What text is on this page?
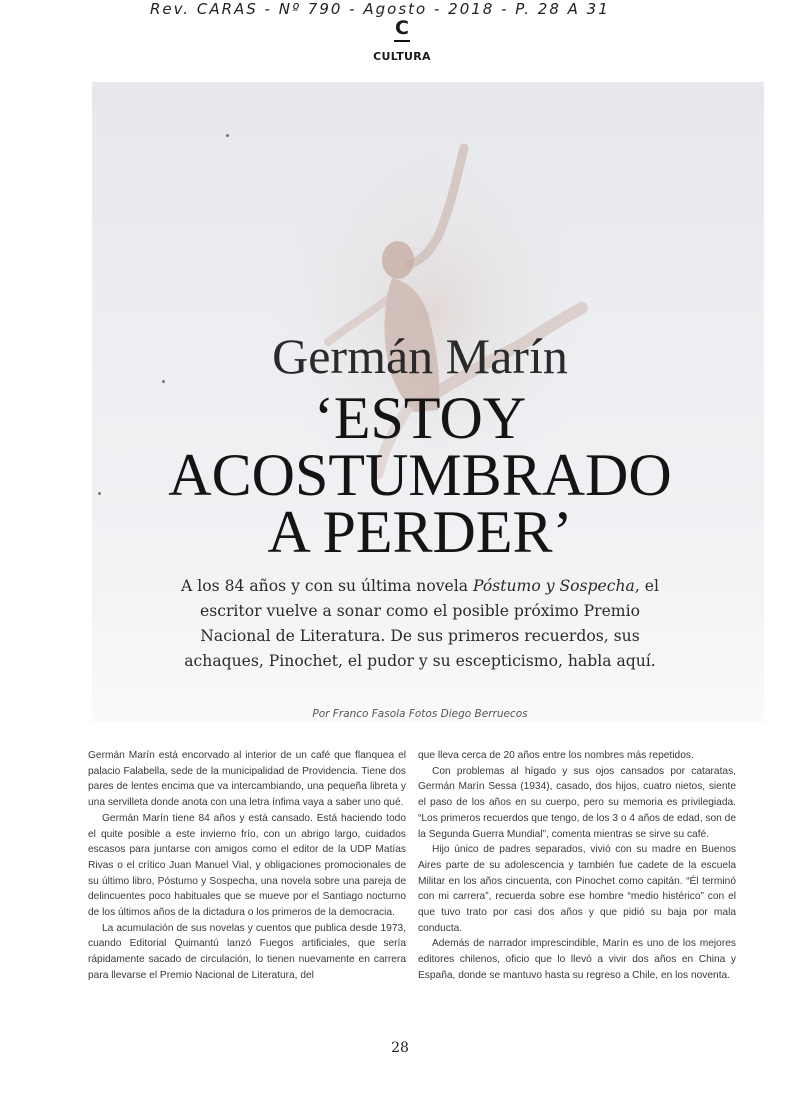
Rev. CARAS - Nº 790 - Agosto - 2018 - P. 28 A 31
C
CULTURA
Germán Marín
‘ESTOY
ACOSTUMBRADO
A PERDER’
A los 84 años y con su última novela Póstumo y Sospecha, el escritor vuelve a sonar como el posible próximo Premio Nacional de Literatura. De sus primeros recuerdos, sus achaques, Pinochet, el pudor y su escepticismo, habla aquí.
Por Franco Fasola Fotos Diego Berruecos

Germán Marín está encorvado al interior de un café que flanquea el palacio Falabella, sede de la municipalidad de Providencia. Tiene dos pares de lentes encima que va intercambiando, una pequeña libreta y una servilleta donde anota con una letra ínfima vaya a saber uno qué.

Germán Marín tiene 84 años y está cansado. Está haciendo todo el quite posible a este invierno frío, con un abrigo largo, cuidados escasos para juntarse con amigos como el editor de la UDP Matías Rivas o el crítico Juan Manuel Vial, y obligaciones promocionales de su último libro, Póstumo y Sospecha, una novela sobre una pareja de delincuentes poco habituales que se mueve por el Santiago nocturno de los últimos años de la dictadura o los primeros de la democracia.

La acumulación de sus novelas y cuentos que publica desde 1973, cuando Editorial Quimantú lanzó Fuegos artificiales, que sería rápidamente sacado de circulación, lo tienen nuevamente en carrera para llevarse el Premio Nacional de Literatura, del

que lleva cerca de 20 años entre los nombres más repetidos.

Con problemas al hígado y sus ojos cansados por cataratas, Germán Marín Sessa (1934), casado, dos hijos, cuatro nietos, siente el paso de los años en su cuerpo, pero su memoria es privilegiada. “Los primeros recuerdos que tengo, de los 3 o 4 años de edad, son de la Segunda Guerra Mundial”, comenta mientras se sirve su café.

Hijo único de padres separados, vivió con su madre en Buenos Aires parte de su adolescencia y también fue cadete de la escuela Militar en los años cincuenta, con Pinochet como capitán. “Él terminó con mi carrera”, recuerda sobre ese hombre “medio histérico” con el que tuvo trato por casi dos años y que pidió su baja por mala conducta.

Además de narrador imprescindible, Marín es uno de los mejores editores chilenos, oficio que lo llevó a vivir dos años en China y España, donde se mantuvo hasta su regreso a Chile, en los noventa.

28
